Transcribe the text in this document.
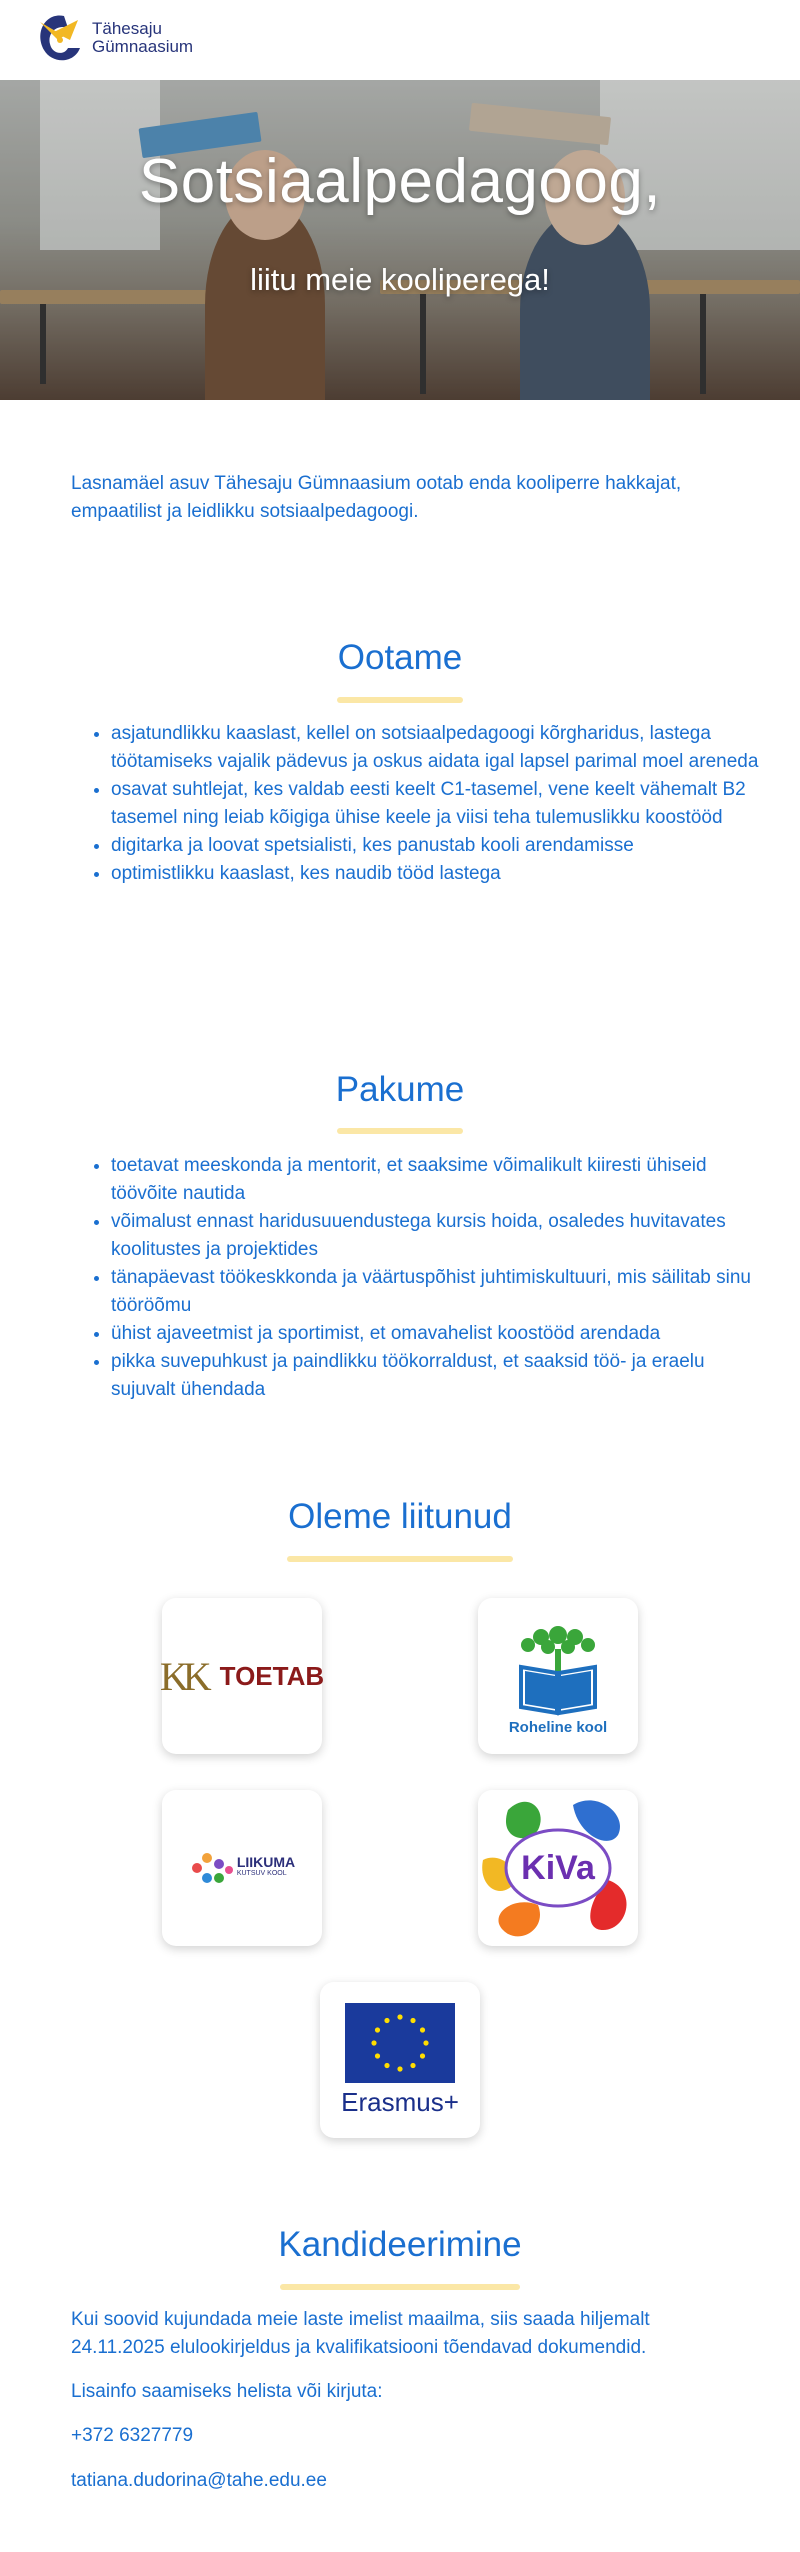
Tähesaju
Gümnaasium
Sotsiaalpedagoog,
liitu meie kooliperega!

Lasnamäel asuv Tähesaju Gümnaasium ootab enda kooliperre hakkajat, empaatilist ja leidlikku sotsiaalpedagoogi.

Ootame
• asjatundlikku kaaslast, kellel on sotsiaalpedagoogi kõrgharidus, lastega töötamiseks vajalik pädevus ja oskus aidata igal lapsel parimal moel areneda
• osavat suhtlejat, kes valdab eesti keelt C1-tasemel, vene keelt vähemalt B2 tasemel ning leiab kõigiga ühise keele ja viisi teha tulemuslikku koostööd
• digitarka ja loovat spetsialisti, kes panustab kooli arendamisse
• optimistlikku kaaslast, kes naudib tööd lastega
Pakume
• toetavat meeskonda ja mentorit, et saaksime võimalikult kiiresti ühiseid töövõite nautida
• võimalust ennast haridusuuendustega kursis hoida, osaledes huvitavates koolitustes ja projektides
• tänapäevast töökeskkonda ja väärtuspõhist juhtimiskultuuri, mis säilitab sinu tööröõmu
• ühist ajaveetmist ja sportimist, et omavahelist koostööd arendada
• pikka suvepuhkust ja paindlikku töökorraldust, et saaksid töö- ja eraelu sujuvalt ühendada
Oleme liitunud
KK TOETAB
Roheline kool
LIIKUMA
KUTSUV KOOL	KiVa
Erasmus+
Kandideerimine

Kui soovid kujundada meie laste imelist maailma, siis saada hiljemalt 24.11.2025 elulookirjeldus ja kvalifikatsiooni tõendavad dokumendid.

Lisainfo saamiseks helista või kirjuta:

+372 6327779

tatiana.dudorina@tahe.edu.ee
